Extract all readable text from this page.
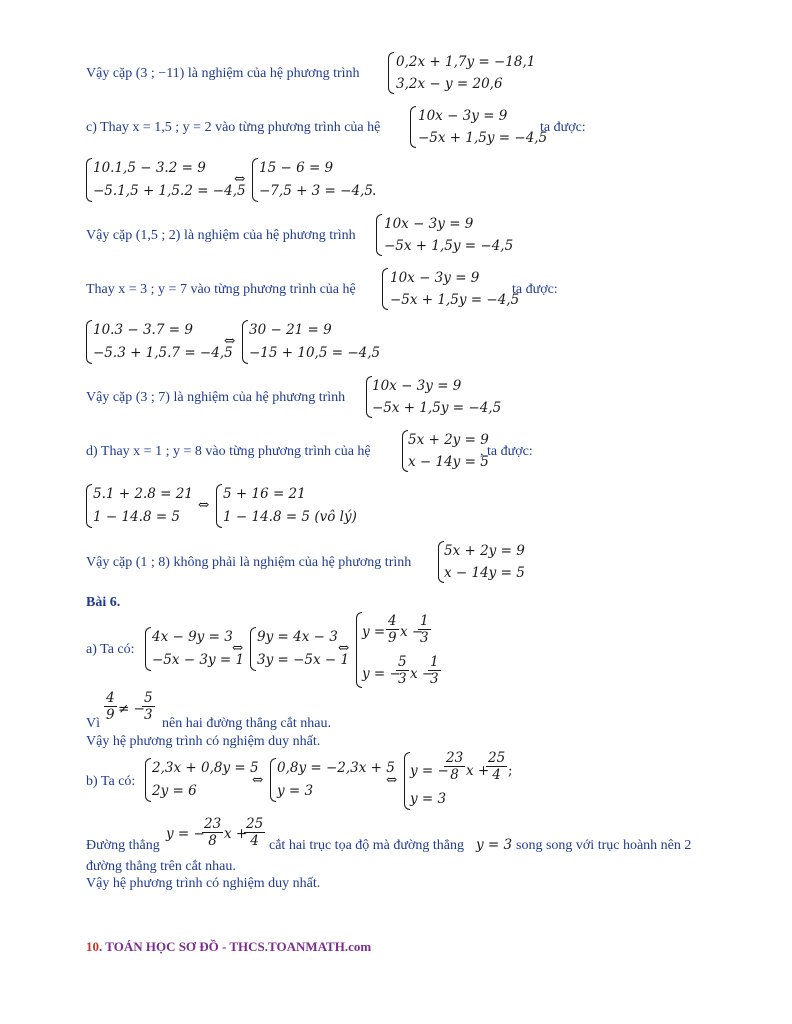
Vậy cặp (3 ; −11) là nghiệm của hệ phương trình
0,2x + 1,7y = −18,1
3,2x − y = 20,6
c) Thay x = 1,5 ; y = 2 vào từng phương trình của hệ
10x − 3y = 9
−5x + 1,5y = −4,5
ta được:
10.1,5 − 3.2 = 9
−5.1,5 + 1,5.2 = −4,5
⇔
15 − 6 = 9
−7,5 + 3 = −4,5 .
Vậy cặp (1,5 ; 2) là nghiệm của hệ phương trình
10x − 3y = 9
−5x + 1,5y = −4,5
Thay x = 3 ; y = 7 vào từng phương trình của hệ
10x − 3y = 9
−5x + 1,5y = −4,5
ta được:
10.3 − 3.7 = 9
−5.3 + 1,5.7 = −4,5
⇔
30 − 21 = 9
−15 + 10,5 = −4,5
Vậy cặp (3 ; 7) là nghiệm của hệ phương trình
10x − 3y = 9
−5x + 1,5y = −4,5
d) Thay x = 1 ; y = 8 vào từng phương trình của hệ
5x + 2y = 9
x − 14y = 5
, ta được:
5.1 + 2.8 = 21
1 − 14.8 = 5
⇔
5 + 16 = 21
1 − 14.8 = 5 (vô lý)
Vậy cặp (1 ; 8) không phải là nghiệm của hệ phương trình
5x + 2y = 9
x − 14y = 5
Bài 6.
a) Ta có:
4x − 9y = 3
−5x − 3y = 1
⇔
9y = 4x − 3
3y = −5x − 1
⇔
$y = \frac{4}{9}$ x −
$\frac{1}{3}$
y = −
$\frac{5}{3}$ x −
$\frac{1}{3}$
Vì
$\frac{4}{9}$ ≠ −
$\frac{5}{3}$
nên hai đường thẳng cắt nhau.
Vậy hệ phương trình có nghiệm duy nhất.
b) Ta có:
2,3x + 0,8y = 5
2y = 6
⇔
0,8y = −2,3x + 5
y = 3
⇔
y = −
$\frac{23}{8}$ x +
$\frac{25}{4}$ ;
y = 3
Đường thẳng
y = −
$\frac{23}{8}$ x +
$\frac{25}{4}$ cắt hai trục tọa độ mà đường thẳng y = 3 song song với trục hoành nên 2
đường thẳng trên cắt nhau.
Vậy hệ phương trình có nghiệm duy nhất.
10. TOÁN HỌC SƠ ĐỒ - THCS.TOANMATH.com
